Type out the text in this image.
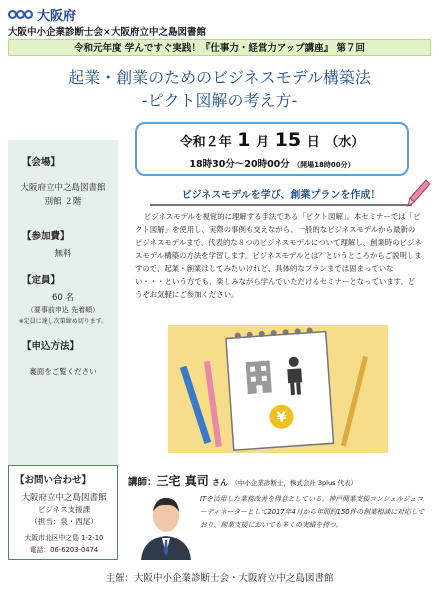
大阪府
大阪中小企業診断士会×大阪府立中之島図書館
令和元年度 学んですぐ実践！『仕事力・経営力アップ講座』 第７回
起業・創業のためのビジネスモデル構築法
-ピクト図解の考え方-
【会場】
大阪府立中之島図書館
別館 ２階
【参加費】
無料
【定員】
60 名
（要事前申込 先着順）
※定員に達し次第締め切ります。
【申込方法】
裏面をご覧ください
【お問い合わせ】
大阪府立中之島図書館
ビジネス支援課
（担当：泉・西尾）
大阪市北区中之島 1-2-10
電話：06-6203-0474
令和２年 1 月 15 日 （水）
18時30分～20時00分 （開場18時00分）
ビジネスモデルを学び、創業プランを作成！
ビジネスモデルを視覚的に理解する手法である「ピクト図解」。本セミナーでは「ピクト図解」を使用し、実際の事例も交えながら、一般的なビジネスモデルから最新のビジネスモデルまで、代表的な８つのビジネスモデルについて理解し、創業時のビジネスモデル構築の方法を学習します。ビジネスモデルとは？というところからご説明しますので、起業・創業はしてみたいけれど、具体的なプランまでは固まっていない・・・という方でも、楽しみながら学んでいただけるセミナーとなっています。どうぞお気軽にご参加ください。
¥
講師：三宅 真司 さん （中小企業診断士，株式会社 3plus 代表）
ITを活用した業務改善を得意としている。神戸開業支援コンシェルジュコーディネーターとして2017年4月から年間約150件の創業相談に対応しており、創業支援においても多くの実績を持つ。
主催：大阪中小企業診断士会・大阪府立中之島図書館
